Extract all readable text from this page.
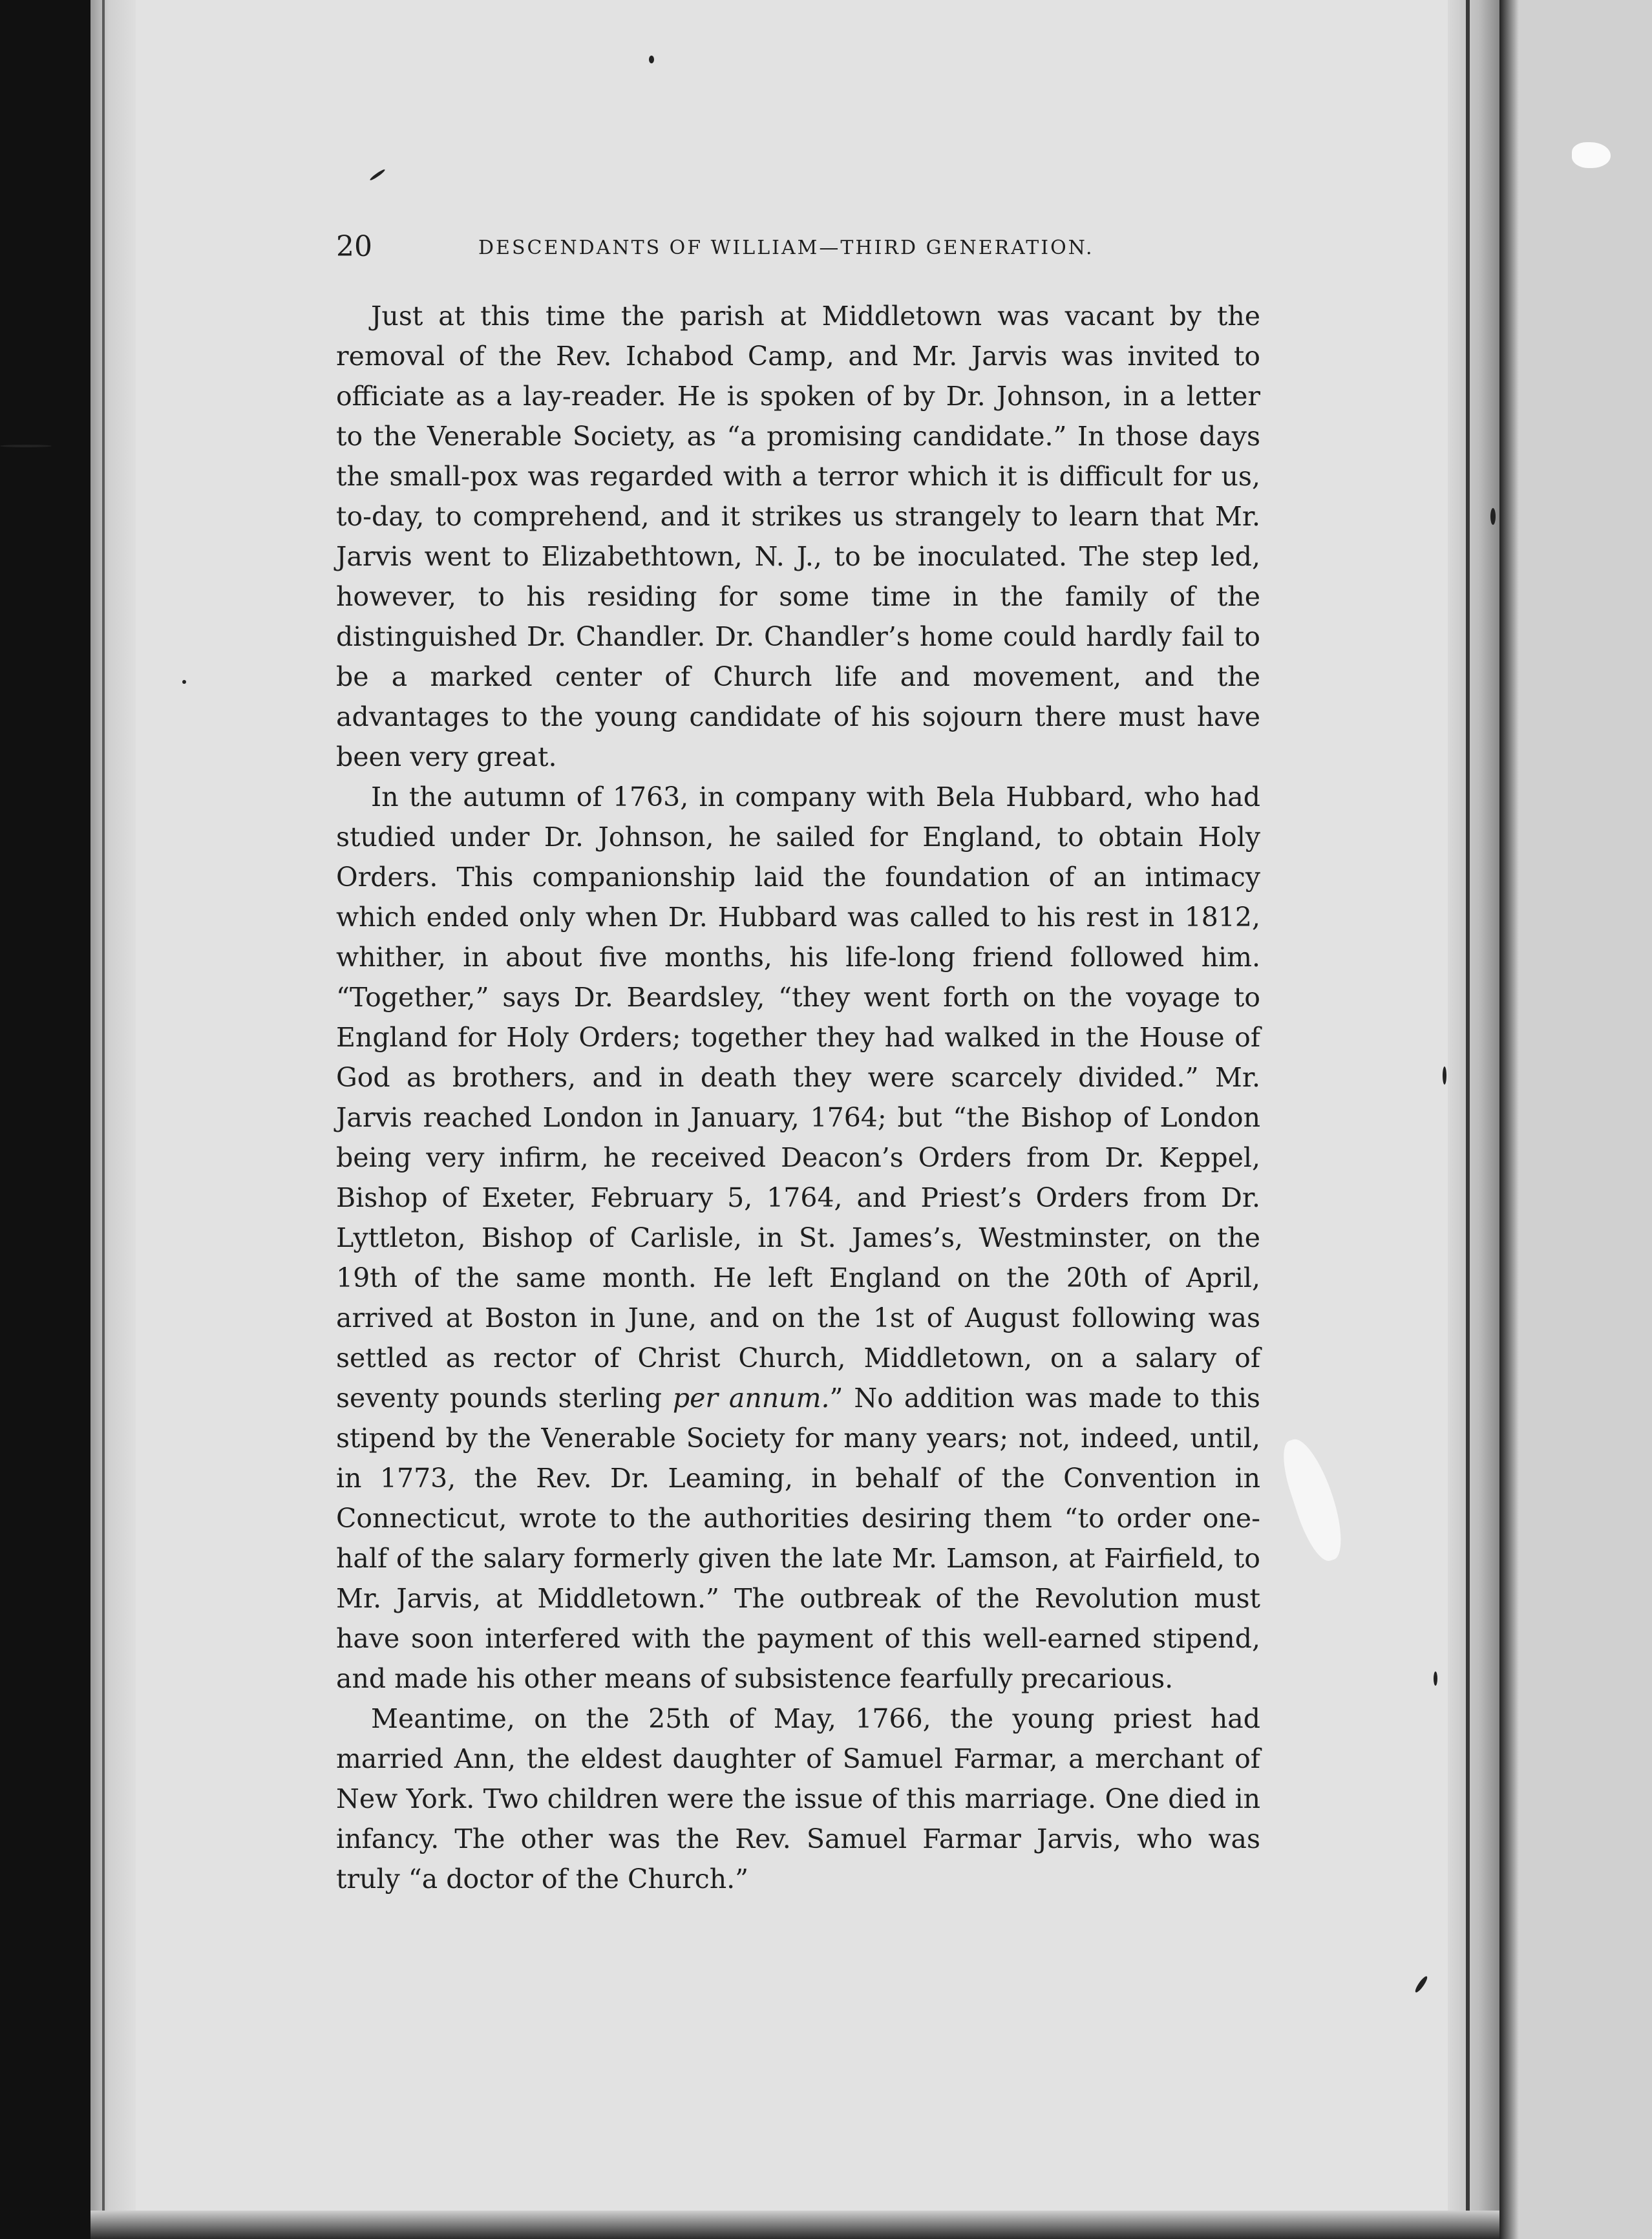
20	DESCENDANTS OF WILLIAM—THIRD GENERATION.

Just at this time the parish at Middletown was vacant by the removal of the Rev. Ichabod Camp, and Mr. Jarvis was invited to officiate as a lay-reader. He is spoken of by Dr. Johnson, in a letter to the Venerable Society, as “a promising candidate.” In those days the small-pox was regarded with a terror which it is difficult for us, to-day, to comprehend, and it strikes us strangely to learn that Mr. Jarvis went to Elizabethtown, N. J., to be inoculated. The step led, however, to his residing for some time in the family of the distinguished Dr. Chandler. Dr. Chandler’s home could hardly fail to be a marked center of Church life and movement, and the advantages to the young candidate of his sojourn there must have been very great.

In the autumn of 1763, in company with Bela Hubbard, who had studied under Dr. Johnson, he sailed for England, to obtain Holy Orders. This companionship laid the foundation of an intimacy which ended only when Dr. Hubbard was called to his rest in 1812, whither, in about five months, his life-long friend followed him. “Together,” says Dr. Beardsley, “they went forth on the voyage to England for Holy Orders; together they had walked in the House of God as brothers, and in death they were scarcely divided.” Mr. Jarvis reached London in January, 1764; but “the Bishop of London being very infirm, he received Deacon’s Orders from Dr. Keppel, Bishop of Exeter, February 5, 1764, and Priest’s Orders from Dr. Lyttleton, Bishop of Carlisle, in St. James’s, Westminster, on the 19th of the same month. He left England on the 20th of April, arrived at Boston in June, and on the 1st of August following was settled as rector of Christ Church, Middletown, on a salary of seventy pounds sterling per annum.” No addition was made to this stipend by the Venerable Society for many years; not, indeed, until, in 1773, the Rev. Dr. Leaming, in behalf of the Convention in Connecticut, wrote to the authorities desiring them “to order one-half of the salary formerly given the late Mr. Lamson, at Fairfield, to Mr. Jarvis, at Middletown.” The outbreak of the Revolution must have soon interfered with the payment of this well-earned stipend, and made his other means of subsistence fearfully precarious.

Meantime, on the 25th of May, 1766, the young priest had married Ann, the eldest daughter of Samuel Farmar, a merchant of New York. Two children were the issue of this marriage. One died in infancy. The other was the Rev. Samuel Farmar Jarvis, who was truly “a doctor of the Church.”
